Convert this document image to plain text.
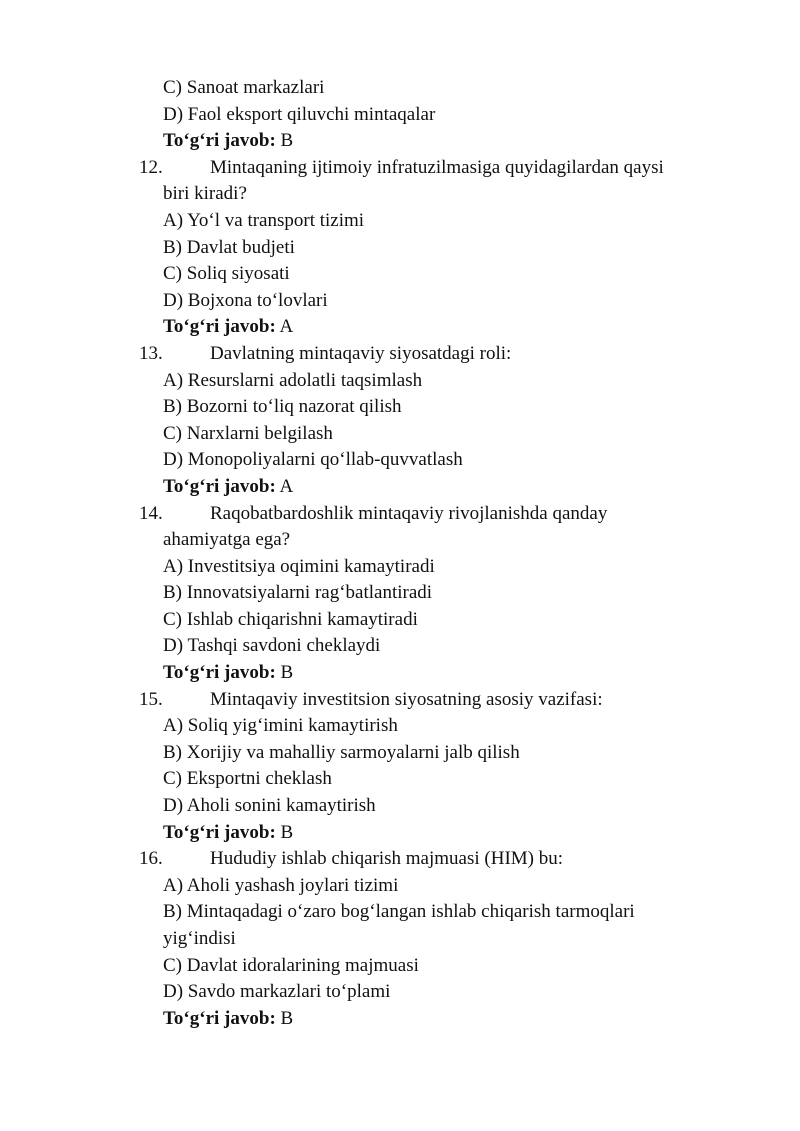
C) Sanoat markazlari
D) Faol eksport qiluvchi mintaqalar
To‘g‘ri javob: B
12. Mintaqaning ijtimoiy infratuzilmasiga quyidagilardan qaysi
biri kiradi?
A) Yo‘l va transport tizimi
B) Davlat budjeti
C) Soliq siyosati
D) Bojxona to‘lovlari
To‘g‘ri javob: A
13. Davlatning mintaqaviy siyosatdagi roli:
A) Resurslarni adolatli taqsimlash
B) Bozorni to‘liq nazorat qilish
C) Narxlarni belgilash
D) Monopoliyalarni qo‘llab-quvvatlash
To‘g‘ri javob: A
14. Raqobatbardoshlik mintaqaviy rivojlanishda qanday
ahamiyatga ega?
A) Investitsiya oqimini kamaytiradi
B) Innovatsiyalarni rag‘batlantiradi
C) Ishlab chiqarishni kamaytiradi
D) Tashqi savdoni cheklaydi
To‘g‘ri javob: B
15. Mintaqaviy investitsion siyosatning asosiy vazifasi:
A) Soliq yig‘imini kamaytirish
B) Xorijiy va mahalliy sarmoyalarni jalb qilish
C) Eksportni cheklash
D) Aholi sonini kamaytirish
To‘g‘ri javob: B
16. Hududiy ishlab chiqarish majmuasi (HIM) bu:
A) Aholi yashash joylari tizimi
B) Mintaqadagi o‘zaro bog‘langan ishlab chiqarish tarmoqlari
yig‘indisi
C) Davlat idoralarining majmuasi
D) Savdo markazlari to‘plami
To‘g‘ri javob: B
